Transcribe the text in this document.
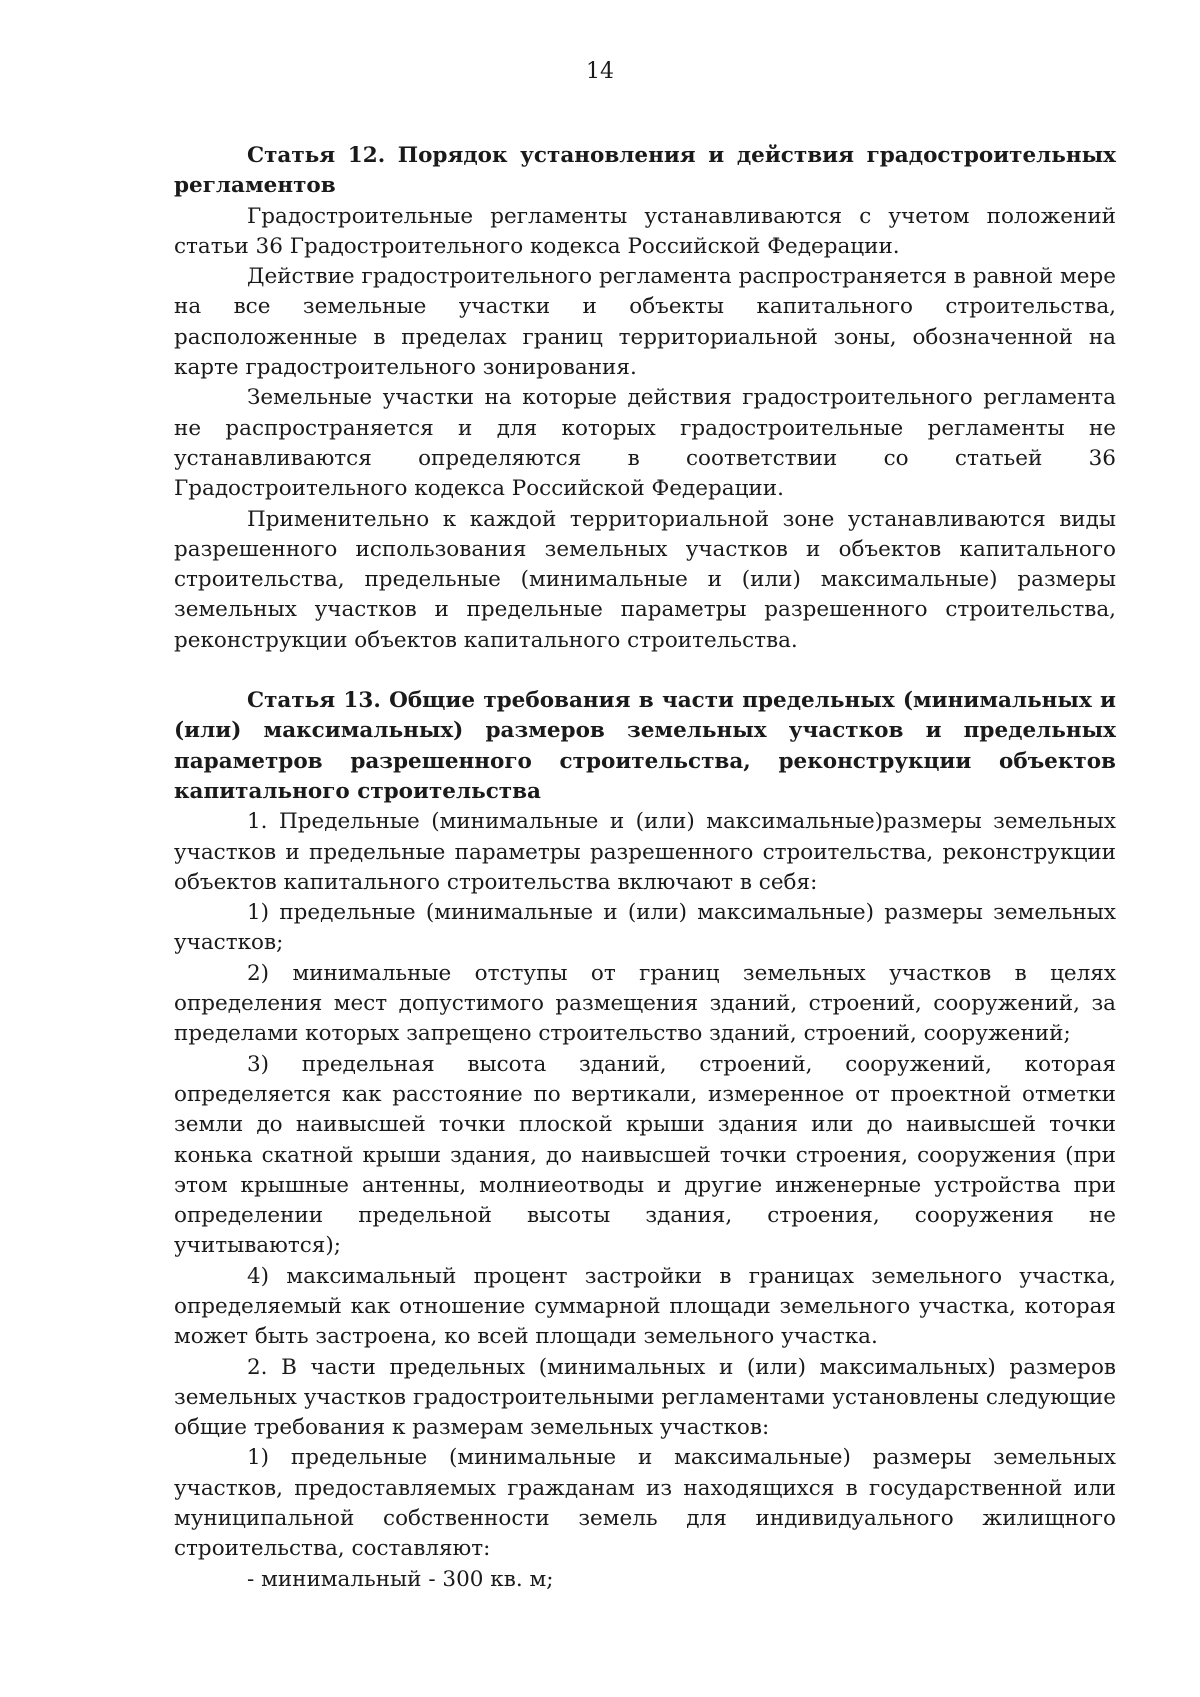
14

Статья 12. Порядок установления и действия градостроительных регламентов

Градостроительные регламенты устанавливаются с учетом положений статьи 36 Градостроительного кодекса Российской Федерации.

Действие градостроительного регламента распространяется в равной мере на все земельные участки и объекты капитального строительства, расположенные в пределах границ территориальной зоны, обозначенной на карте градостроительного зонирования.

Земельные участки на которые действия градостроительного регламента не распространяется и для которых градостроительные регламенты не устанавливаются определяются в соответствии со статьей 36 Градостроительного кодекса Российской Федерации.

Применительно к каждой территориальной зоне устанавливаются виды разрешенного использования земельных участков и объектов капитального строительства, предельные (минимальные и (или) максимальные) размеры земельных участков и предельные параметры разрешенного строительства, реконструкции объектов капитального строительства.

Статья 13. Общие требования в части предельных (минимальных и (или) максимальных) размеров земельных участков и предельных параметров разрешенного строительства, реконструкции объектов капитального строительства

1. Предельные (минимальные и (или) максимальные)размеры земельных участков и предельные параметры разрешенного строительства, реконструкции объектов капитального строительства включают в себя:

1) предельные (минимальные и (или) максимальные) размеры земельных участков;

2) минимальные отступы от границ земельных участков в целях определения мест допустимого размещения зданий, строений, сооружений, за пределами которых запрещено строительство зданий, строений, сооружений;

3) предельная высота зданий, строений, сооружений, которая определяется как расстояние по вертикали, измеренное от проектной отметки земли до наивысшей точки плоской крыши здания или до наивысшей точки конька скатной крыши здания, до наивысшей точки строения, сооружения (при этом крышные антенны, молниеотводы и другие инженерные устройства при определении предельной высоты здания, строения, сооружения не учитываются);

4) максимальный процент застройки в границах земельного участка, определяемый как отношение суммарной площади земельного участка, которая может быть застроена, ко всей площади земельного участка.

2. В части предельных (минимальных и (или) максимальных) размеров земельных участков градостроительными регламентами установлены следующие общие требования к размерам земельных участков:

1) предельные (минимальные и максимальные) размеры земельных участков, предоставляемых гражданам из находящихся в государственной или муниципальной собственности земель для индивидуального жилищного строительства, составляют:

- минимальный - 300 кв. м;
